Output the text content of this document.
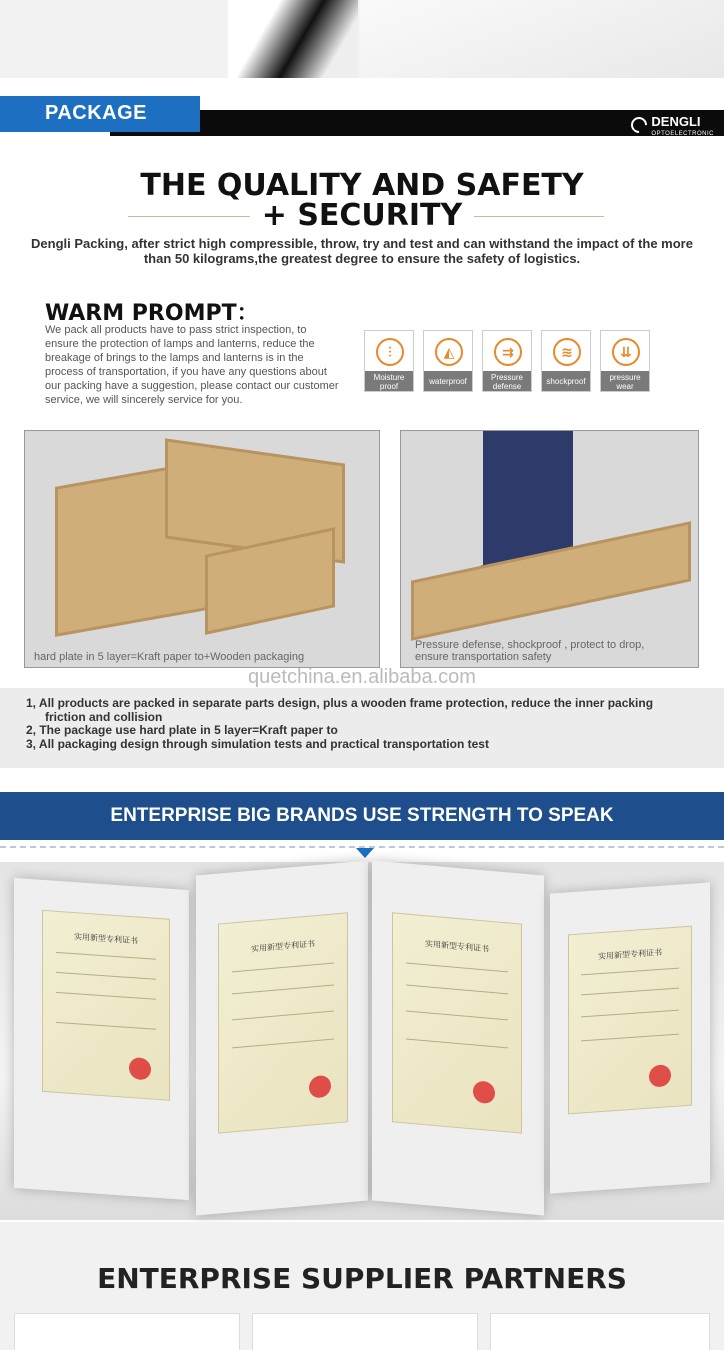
PACKAGE	DENGLI
OPTOELECTRONIC
THE QUALITY AND SAFETY
+ SECURITY
Dengli Packing, after strict high compressible, throw, try and test and can withstand the impact of the more than 50 kilograms,the greatest degree to ensure the safety of logistics.
WARM PROMPT：
We pack all products have to pass strict inspection, to ensure the protection of lamps and lanterns, reduce the breakage of brings to the lamps and lanterns is in the process of transportation, if you have any questions about our packing have a suggestion, please contact our customer service, we will sincerely service for you.
⫶
Moisture proof
◭
waterproof
⇉
Pressure defense
≋
shockproof
⇊
pressure wear
hard plate in 5 layer=Kraft paper to+Wooden packaging
Pressure defense, shockproof , protect to drop, ensure transportation safety
quetchina.en.alibaba.com
1, All products are packed in separate parts design, plus a wooden frame protection, reduce the inner packing friction and collision
2, The package use hard plate in 5 layer=Kraft paper to
3, All packaging design through simulation tests and practical transportation test
ENTERPRISE BIG BRANDS USE STRENGTH TO SPEAK
实用新型专利证书
实用新型专利证书	实用新型专利证书
实用新型专利证书
ENTERPRISE SUPPLIER PARTNERS
